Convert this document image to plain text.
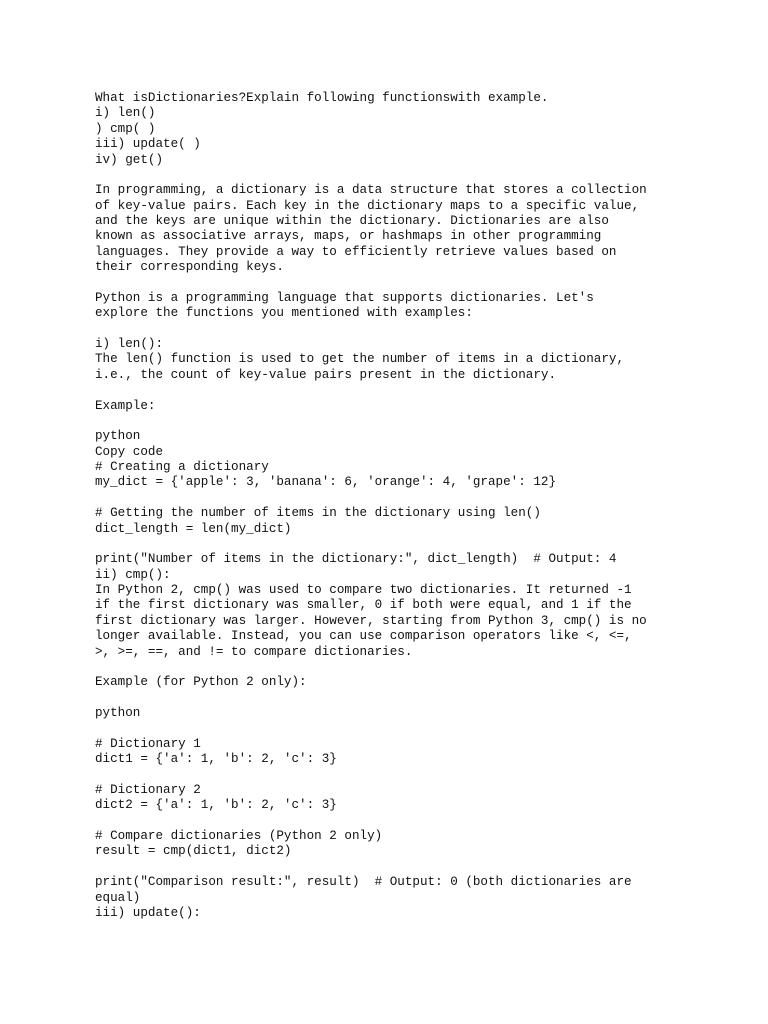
What isDictionaries?Explain following functionswith example.
i) len()
) cmp( )
iii) update( )
iv) get()
In programming, a dictionary is a data structure that stores a collection
of key-value pairs. Each key in the dictionary maps to a specific value,
and the keys are unique within the dictionary. Dictionaries are also
known as associative arrays, maps, or hashmaps in other programming
languages. They provide a way to efficiently retrieve values based on
their corresponding keys.
Python is a programming language that supports dictionaries. Let's
explore the functions you mentioned with examples:
i) len():
The len() function is used to get the number of items in a dictionary,
i.e., the count of key-value pairs present in the dictionary.
Example:
python
Copy code
# Creating a dictionary
my_dict = {'apple': 3, 'banana': 6, 'orange': 4, 'grape': 12}
# Getting the number of items in the dictionary using len()
dict_length = len(my_dict)
print("Number of items in the dictionary:", dict_length)  # Output: 4
ii) cmp():
In Python 2, cmp() was used to compare two dictionaries. It returned -1
if the first dictionary was smaller, 0 if both were equal, and 1 if the
first dictionary was larger. However, starting from Python 3, cmp() is no
longer available. Instead, you can use comparison operators like <, <=,
>, >=, ==, and != to compare dictionaries.
Example (for Python 2 only):
python
# Dictionary 1
dict1 = {'a': 1, 'b': 2, 'c': 3}
# Dictionary 2
dict2 = {'a': 1, 'b': 2, 'c': 3}
# Compare dictionaries (Python 2 only)
result = cmp(dict1, dict2)
print("Comparison result:", result)  # Output: 0 (both dictionaries are
equal)
iii) update():
